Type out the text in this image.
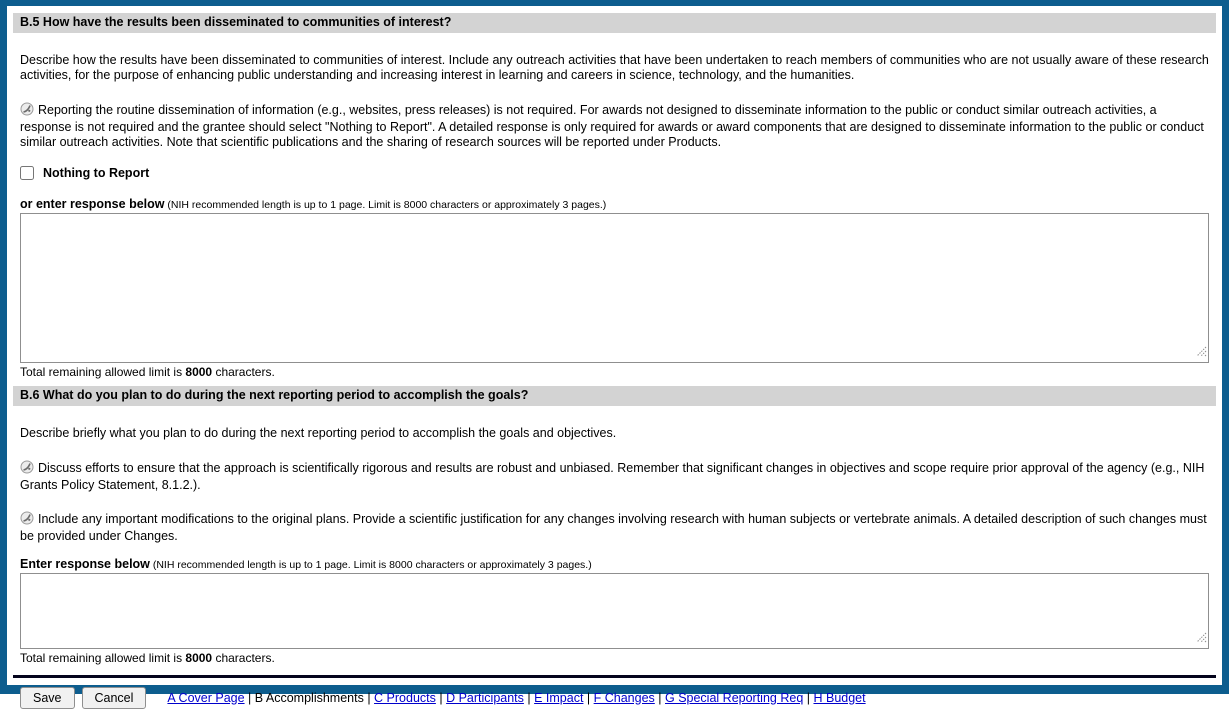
B.5 How have the results been disseminated to communities of interest?
Describe how the results have been disseminated to communities of interest. Include any outreach activities that have been undertaken to reach members of communities who are not usually aware of these research activities, for the purpose of enhancing public understanding and increasing interest in learning and careers in science, technology, and the humanities.
Reporting the routine dissemination of information (e.g., websites, press releases) is not required. For awards not designed to disseminate information to the public or conduct similar outreach activities, a response is not required and the grantee should select "Nothing to Report". A detailed response is only required for awards or award components that are designed to disseminate information to the public or conduct similar outreach activities. Note that scientific publications and the sharing of research sources will be reported under Products.
Nothing to Report
or enter response below (NIH recommended length is up to 1 page. Limit is 8000 characters or approximately 3 pages.)
Total remaining allowed limit is 8000 characters.
B.6 What do you plan to do during the next reporting period to accomplish the goals?
Describe briefly what you plan to do during the next reporting period to accomplish the goals and objectives.
Discuss efforts to ensure that the approach is scientifically rigorous and results are robust and unbiased. Remember that significant changes in objectives and scope require prior approval of the agency (e.g., NIH Grants Policy Statement, 8.1.2.).
Include any important modifications to the original plans. Provide a scientific justification for any changes involving research with human subjects or vertebrate animals. A detailed description of such changes must be provided under Changes.
Enter response below (NIH recommended length is up to 1 page. Limit is 8000 characters or approximately 3 pages.)
Total remaining allowed limit is 8000 characters.
Save	Cancel	A Cover Page | B Accomplishments | C Products | D Participants | E Impact | F Changes | G Special Reporting Req | H Budget
